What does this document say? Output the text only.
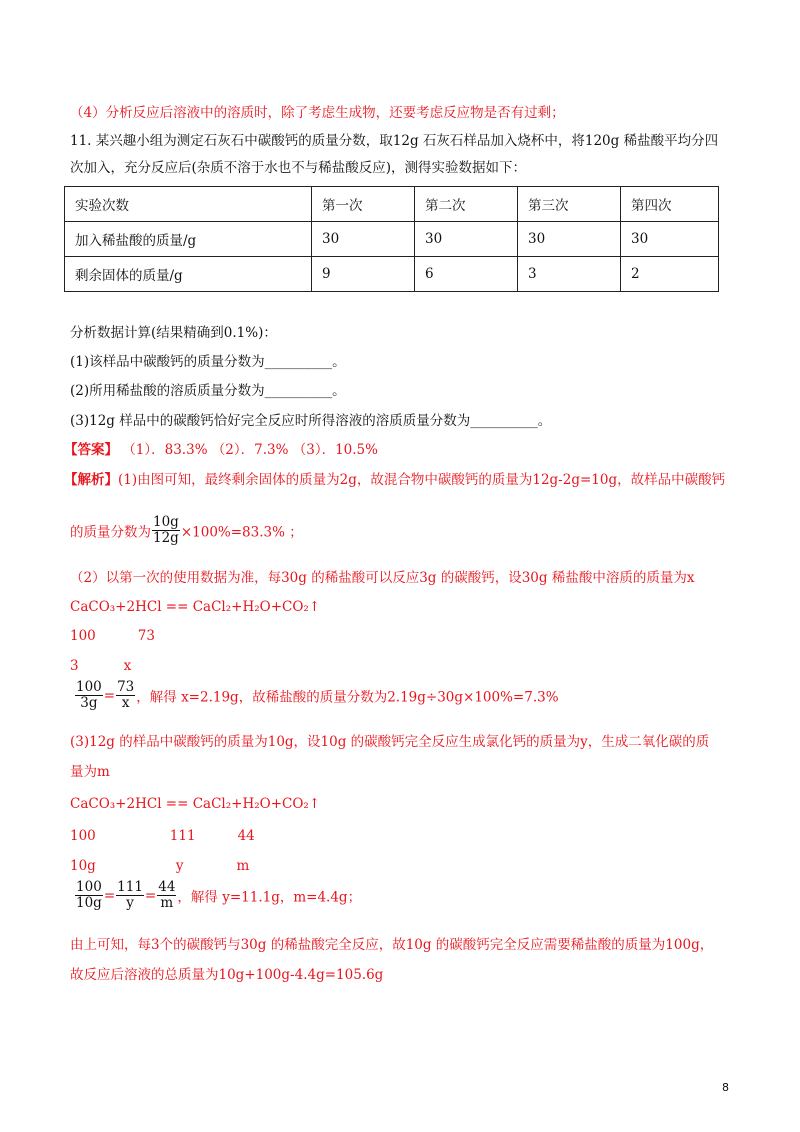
（4）分析反应后溶液中的溶质时，除了考虑生成物，还要考虑反应物是否有过剩；
11. 某兴趣小组为测定石灰石中碳酸钙的质量分数，取12g 石灰石样品加入烧杯中，将120g 稀盐酸平均分四
次加入，充分反应后(杂质不溶于水也不与稀盐酸反应)，测得实验数据如下：
实验次数	第一次	第二次	第三次	第四次
加入稀盐酸的质量/g	30	30	30	30
剩余固体的质量/g	9	6	3	2
分析数据计算(结果精确到0.1%)：
(1)该样品中碳酸钙的质量分数为__________。
(2)所用稀盐酸的溶质质量分数为__________。
(3)12g 样品中的碳酸钙恰好完全反应时所得溶液的溶质质量分数为__________。
【答案】 （1）．83.3% （2）．7.3% （3）．10.5%
【解析】(1)由图可知，最终剩余固体的质量为2g，故混合物中碳酸钙的质量为12g-2g=10g，故样品中碳酸钙
的质量分数为 $\frac{10g}{12g} \times 100\%=83.3\%$ ；
（2）以第一次的使用数据为准，每30g 的稀盐酸可以反应3g 的碳酸钙，设30g 稀盐酸中溶质的质量为x
CaCO₃+2HCl == CaCl₂+H₂O+CO₂↑
100	73
3	x
$\frac{100}{3g} = \frac{73}{x}$ ，解得 x=2.19g，故稀盐酸的质量分数为2.19g÷30g×100%=7.3%
(3)12g 的样品中碳酸钙的质量为10g，设10g 的碳酸钙完全反应生成氯化钙的质量为y，生成二氧化碳的质
量为m
CaCO₃+2HCl == CaCl₂+H₂O+CO₂↑
100	111	44
10g	y	m
$\frac{100}{10g} = \frac{111}{y} = \frac{44}{m}$ ，解得 y=11.1g，m=4.4g；
由上可知，每3个的碳酸钙与30g 的稀盐酸完全反应，故10g 的碳酸钙完全反应需要稀盐酸的质量为100g，
故反应后溶液的总质量为10g+100g-4.4g=105.6g
8
